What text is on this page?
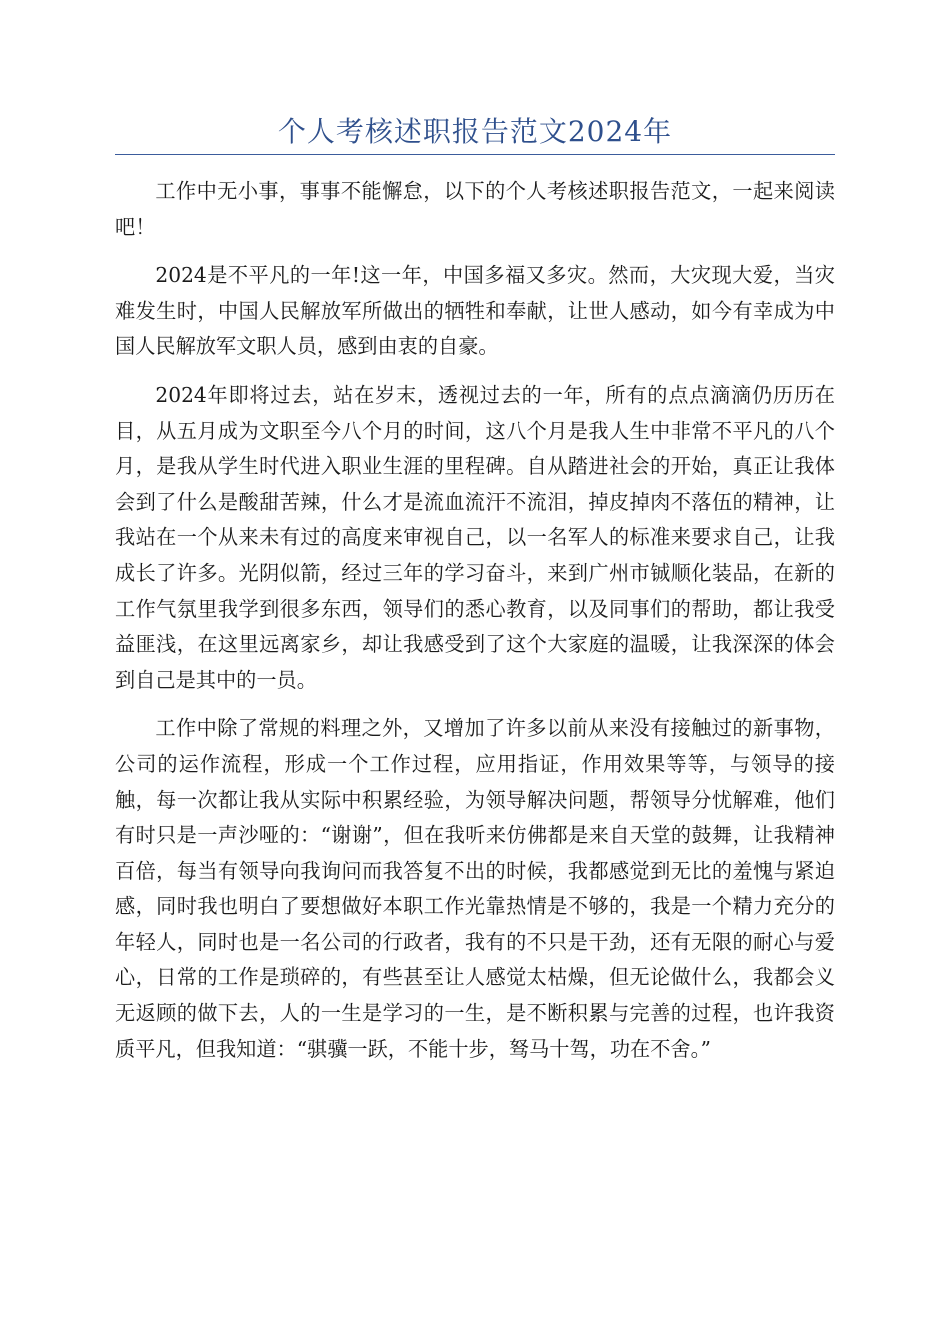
个人考核述职报告范文2024年

工作中无小事，事事不能懈怠，以下的个人考核述职报告范文，一起来阅读吧！

2024是不平凡的一年!这一年，中国多福又多灾。然而，大灾现大爱，当灾难发生时，中国人民解放军所做出的牺牲和奉献，让世人感动，如今有幸成为中国人民解放军文职人员，感到由衷的自豪。

2024年即将过去，站在岁末，透视过去的一年，所有的点点滴滴仍历历在目，从五月成为文职至今八个月的时间，这八个月是我人生中非常不平凡的八个月，是我从学生时代进入职业生涯的里程碑。自从踏进社会的开始，真正让我体会到了什么是酸甜苦辣，什么才是流血流汗不流泪，掉皮掉肉不落伍的精神，让我站在一个从来未有过的高度来审视自己，以一名军人的标准来要求自己，让我成长了许多。光阴似箭，经过三年的学习奋斗，来到广州市铖顺化装品，在新的工作气氛里我学到很多东西，领导们的悉心教育，以及同事们的帮助，都让我受益匪浅，在这里远离家乡，却让我感受到了这个大家庭的温暖，让我深深的体会到自己是其中的一员。

工作中除了常规的料理之外，又增加了许多以前从来没有接触过的新事物，公司的运作流程，形成一个工作过程，应用指证，作用效果等等，与领导的接触，每一次都让我从实际中积累经验，为领导解决问题，帮领导分忧解难，他们有时只是一声沙哑的：“谢谢”，但在我听来仿佛都是来自天堂的鼓舞，让我精神百倍，每当有领导向我询问而我答复不出的时候，我都感觉到无比的羞愧与紧迫感，同时我也明白了要想做好本职工作光靠热情是不够的，我是一个精力充分的年轻人，同时也是一名公司的行政者，我有的不只是干劲，还有无限的耐心与爱心，日常的工作是琐碎的，有些甚至让人感觉太枯燥，但无论做什么，我都会义无返顾的做下去，人的一生是学习的一生，是不断积累与完善的过程，也许我资质平凡，但我知道：“骐骥一跃，不能十步，驽马十驾，功在不舍。”
